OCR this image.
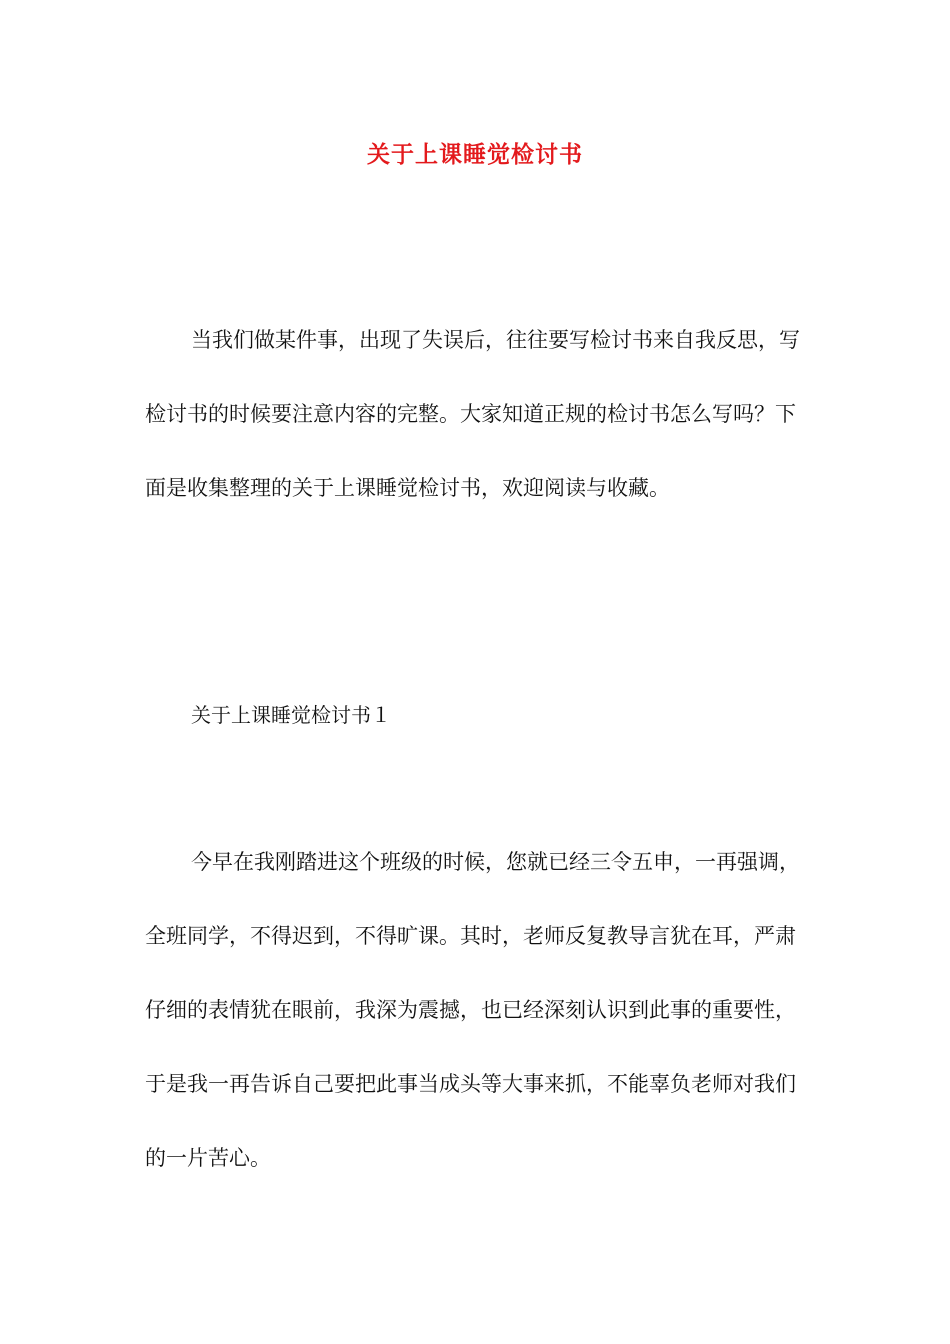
关于上课睡觉检讨书

当我们做某件事，出现了失误后，往往要写检讨书来自我反思，写检讨书的时候要注意内容的完整。大家知道正规的检讨书怎么写吗？下面是收集整理的关于上课睡觉检讨书，欢迎阅读与收藏。

关于上课睡觉检讨书１

今早在我刚踏进这个班级的时候，您就已经三令五申，一再强调，全班同学，不得迟到，不得旷课。其时，老师反复教导言犹在耳，严肃仔细的表情犹在眼前，我深为震撼，也已经深刻认识到此事的重要性，于是我一再告诉自己要把此事当成头等大事来抓，不能辜负老师对我们的一片苦心。
